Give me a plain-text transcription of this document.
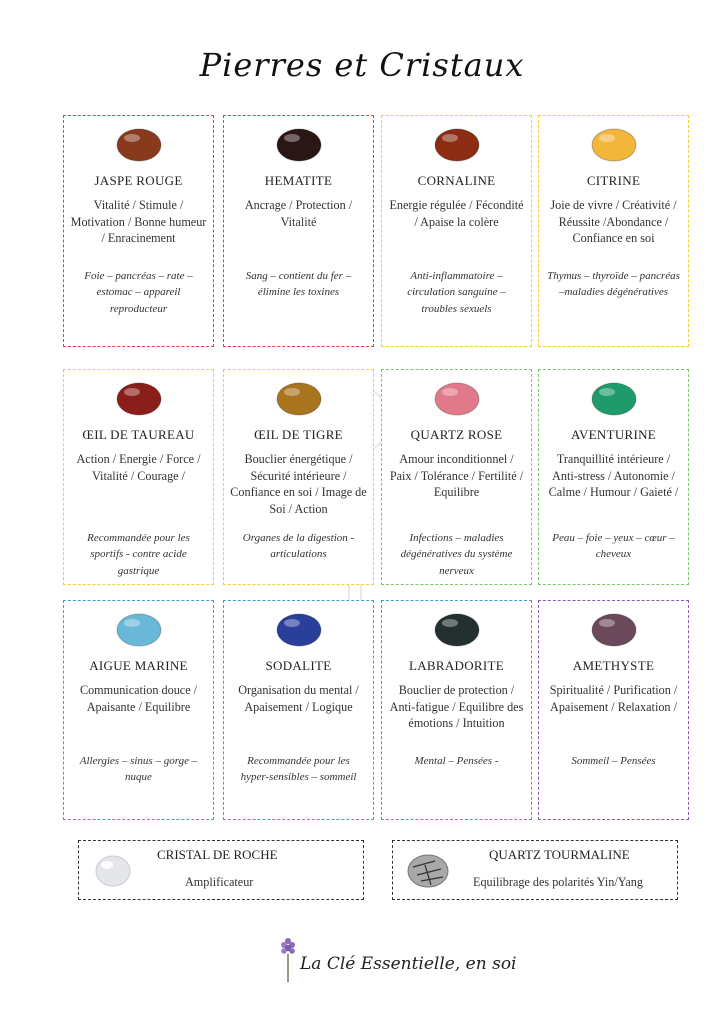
Pierres et Cristaux
JASPE ROUGE
Vitalité / Stimule / Motivation / Bonne humeur / Enracinement
Foie – pancréas – rate – estomac – appareil reproducteur
HEMATITE
Ancrage / Protection / Vitalité
Sang – contient du fer – élimine les toxines
CORNALINE
Energie régulée / Fécondité / Apaise la colère
Anti-inflammatoire – circulation sanguine – troubles sexuels
CITRINE
Joie de vivre / Créativité / Réussite /Abondance / Confiance en soi
Thymus – thyroïde – pancréas –maladies dégénératives
ŒIL DE TAUREAU
Action / Energie / Force / Vitalité / Courage /
Recommandée pour les sportifs - contre acide gastrique
ŒIL DE TIGRE
Bouclier énergétique / Sécurité intérieure / Confiance en soi / Image de Soi / Action
Organes de la digestion - articulations
QUARTZ ROSE
Amour inconditionnel / Paix / Tolérance / Fertilité / Equilibre
Infections – maladies dégénératives du système nerveux
AVENTURINE
Tranquillité intérieure / Anti-stress / Autonomie / Calme / Humour / Gaieté /
Peau – foie – yeux – cœur – cheveux
AIGUE MARINE
Communication douce / Apaisante / Equilibre
Allergies – sinus – gorge – nuque
SODALITE
Organisation du mental / Apaisement / Logique
Recommandée pour les hyper-sensibles – sommeil
LABRADORITE
Bouclier de protection / Anti-fatigue / Equilibre des émotions / Intuition
Mental – Pensées -
AMETHYSTE
Spiritualité / Purification / Apaisement / Relaxation /
Sommeil – Pensées
CRISTAL DE ROCHE
Amplificateur
QUARTZ TOURMALINE
Equilibrage des polarités Yin/Yang
La Clé Essentielle, en soi
